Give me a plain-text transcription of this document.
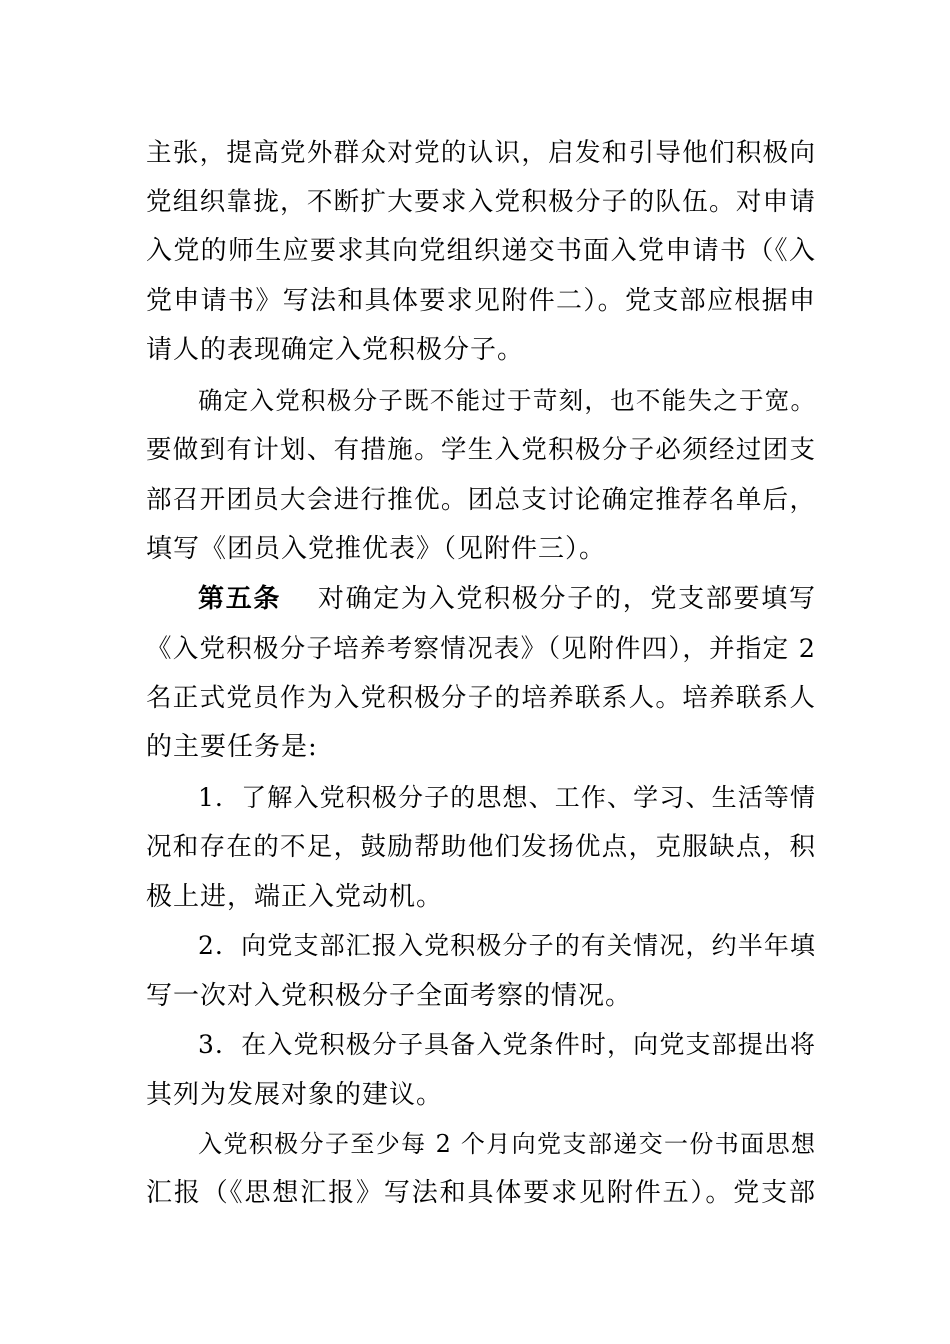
主张，提高党外群众对党的认识，启发和引导他们积极向
党组织靠拢，不断扩大要求入党积极分子的队伍。对申请
入党的师生应要求其向党组织递交书面入党申请书（《入
党申请书》写法和具体要求见附件二）。党支部应根据申
请人的表现确定入党积极分子。
确定入党积极分子既不能过于苛刻，也不能失之于宽。
要做到有计划、有措施。学生入党积极分子必须经过团支
部召开团员大会进行推优。团总支讨论确定推荐名单后，
填写《团员入党推优表》（见附件三）。
第五条 对确定为入党积极分子的，党支部要填写
《入党积极分子培养考察情况表》（见附件四），并指定 2
名正式党员作为入党积极分子的培养联系人。培养联系人
的主要任务是:
1．了解入党积极分子的思想、工作、学习、生活等情
况和存在的不足，鼓励帮助他们发扬优点，克服缺点，积
极上进，端正入党动机。
2．向党支部汇报入党积极分子的有关情况，约半年填
写一次对入党积极分子全面考察的情况。
3．在入党积极分子具备入党条件时，向党支部提出将
其列为发展对象的建议。
入党积极分子至少每 2 个月向党支部递交一份书面思想
汇报（《思想汇报》写法和具体要求见附件五）。党支部
